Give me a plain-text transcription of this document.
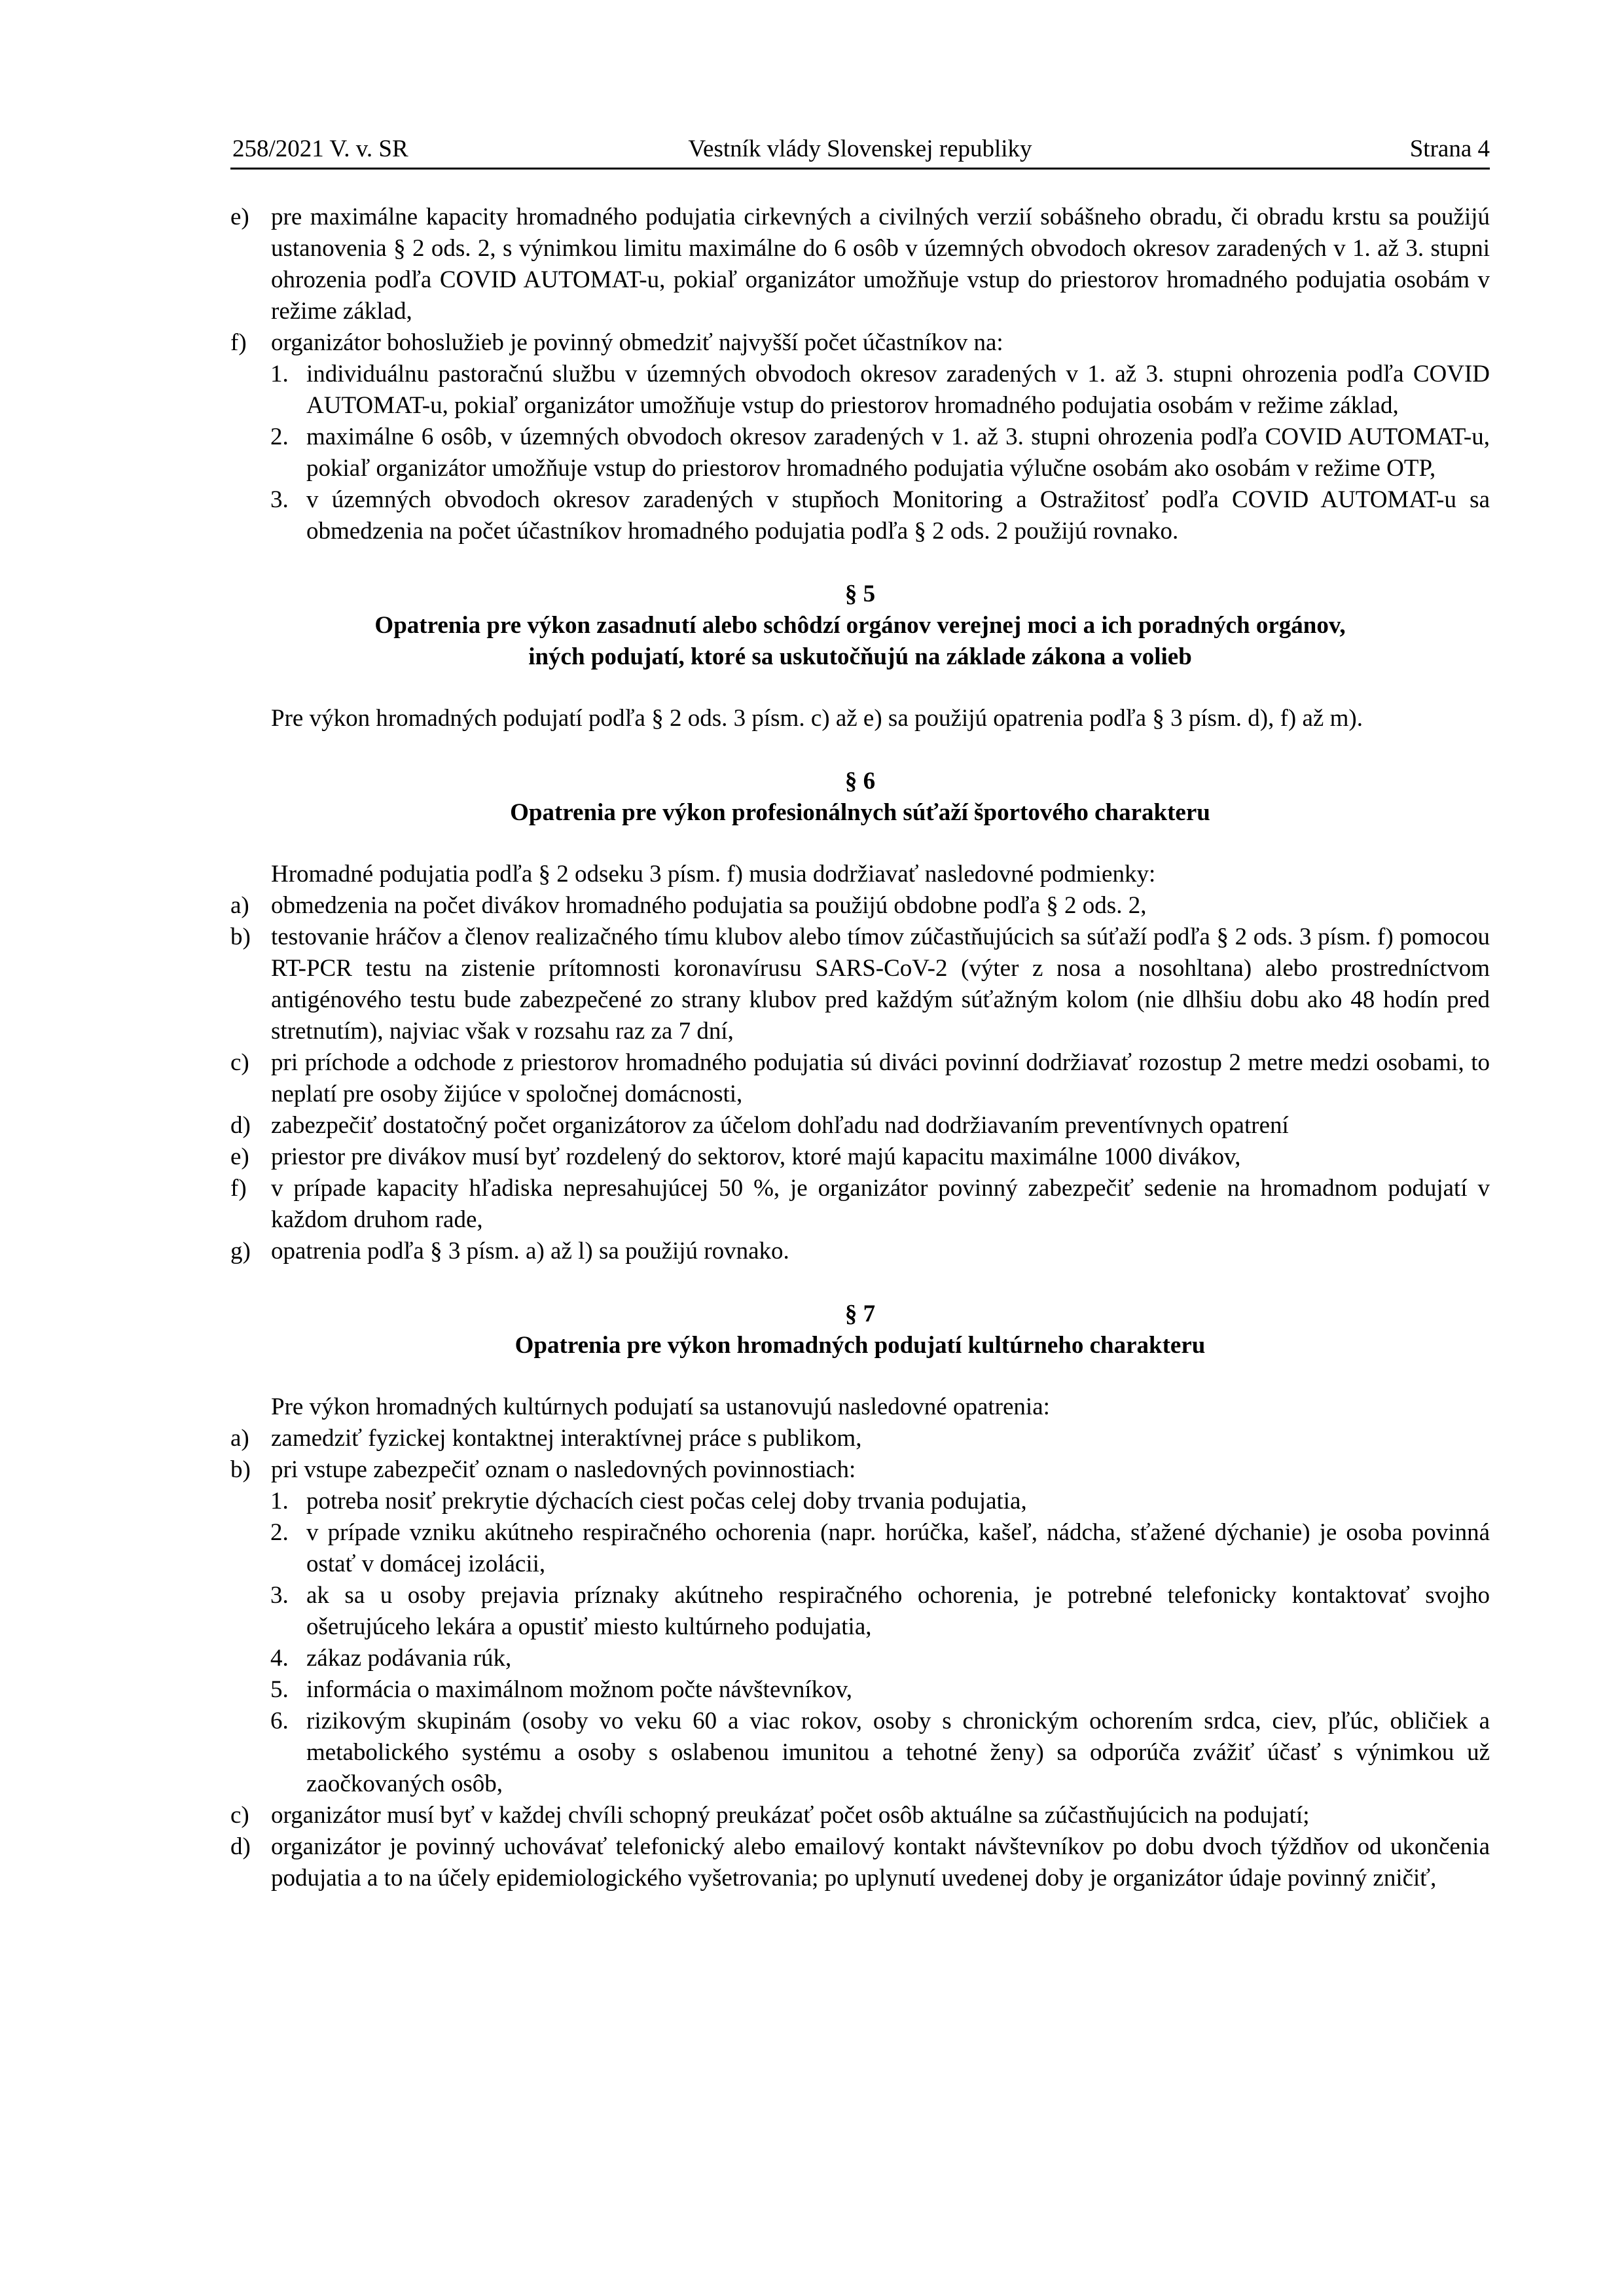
258/2021 V. v. SR	Vestník vlády Slovenskej republiky	Strana 4
e) pre maximálne kapacity hromadného podujatia cirkevných a civilných verzií sobášneho obradu, či obradu krstu sa použijú ustanovenia § 2 ods. 2, s výnimkou limitu maximálne do 6 osôb v územných obvodoch okresov zaradených v 1. až 3. stupni ohrozenia podľa COVID AUTOMAT-u, pokiaľ organizátor umožňuje vstup do priestorov hromadného podujatia osobám v režime základ,
f) organizátor bohoslužieb je povinný obmedziť najvyšší počet účastníkov na:
1. individuálnu pastoračnú službu v územných obvodoch okresov zaradených v 1. až 3. stupni ohrozenia podľa COVID AUTOMAT-u, pokiaľ organizátor umožňuje vstup do priestorov hromadného podujatia osobám v režime základ,
2. maximálne 6 osôb, v územných obvodoch okresov zaradených v 1. až 3. stupni ohrozenia podľa COVID AUTOMAT-u, pokiaľ organizátor umožňuje vstup do priestorov hromadného podujatia výlučne osobám ako osobám v režime OTP,
3. v územných obvodoch okresov zaradených v stupňoch Monitoring a Ostražitosť podľa COVID AUTOMAT-u sa obmedzenia na počet účastníkov hromadného podujatia podľa § 2 ods. 2 použijú rovnako.
§ 5
Opatrenia pre výkon zasadnutí alebo schôdzí orgánov verejnej moci a ich poradných orgánov,
iných podujatí, ktoré sa uskutočňujú na základe zákona a volieb
Pre výkon hromadných podujatí podľa § 2 ods. 3 písm. c) až e) sa použijú opatrenia podľa § 3 písm. d), f) až m).
§ 6
Opatrenia pre výkon profesionálnych súťaží športového charakteru
Hromadné podujatia podľa § 2 odseku 3 písm. f) musia dodržiavať nasledovné podmienky:
a) obmedzenia na počet divákov hromadného podujatia sa použijú obdobne podľa § 2 ods. 2,
b) testovanie hráčov a členov realizačného tímu klubov alebo tímov zúčastňujúcich sa súťaží podľa § 2 ods. 3 písm. f) pomocou RT-PCR testu na zistenie prítomnosti koronavírusu SARS-CoV-2 (výter z nosa a nosohltana) alebo prostredníctvom antigénového testu bude zabezpečené zo strany klubov pred každým súťažným kolom (nie dlhšiu dobu ako 48 hodín pred stretnutím), najviac však v rozsahu raz za 7 dní,
c) pri príchode a odchode z priestorov hromadného podujatia sú diváci povinní dodržiavať rozostup 2 metre medzi osobami, to neplatí pre osoby žijúce v spoločnej domácnosti,
d) zabezpečiť dostatočný počet organizátorov za účelom dohľadu nad dodržiavaním preventívnych opatrení
e) priestor pre divákov musí byť rozdelený do sektorov, ktoré majú kapacitu maximálne 1000 divákov,
f) v prípade kapacity hľadiska nepresahujúcej 50 %, je organizátor povinný zabezpečiť sedenie na hromadnom podujatí v každom druhom rade,
g) opatrenia podľa § 3 písm. a) až l) sa použijú rovnako.
§ 7
Opatrenia pre výkon hromadných podujatí kultúrneho charakteru
Pre výkon hromadných kultúrnych podujatí sa ustanovujú nasledovné opatrenia:
a) zamedziť fyzickej kontaktnej interaktívnej práce s publikom,
b) pri vstupe zabezpečiť oznam o nasledovných povinnostiach:
1. potreba nosiť prekrytie dýchacích ciest počas celej doby trvania podujatia,
2. v prípade vzniku akútneho respiračného ochorenia (napr. horúčka, kašeľ, nádcha, sťažené dýchanie) je osoba povinná ostať v domácej izolácii,
3. ak sa u osoby prejavia príznaky akútneho respiračného ochorenia, je potrebné telefonicky kontaktovať svojho ošetrujúceho lekára a opustiť miesto kultúrneho podujatia,
4. zákaz podávania rúk,
5. informácia o maximálnom možnom počte návštevníkov,
6. rizikovým skupinám (osoby vo veku 60 a viac rokov, osoby s chronickým ochorením srdca, ciev, pľúc, obličiek a metabolického systému a osoby s oslabenou imunitou a tehotné ženy) sa odporúča zvážiť účasť s výnimkou už zaočkovaných osôb,
c) organizátor musí byť v každej chvíli schopný preukázať počet osôb aktuálne sa zúčastňujúcich na podujatí;
d) organizátor je povinný uchovávať telefonický alebo emailový kontakt návštevníkov po dobu dvoch týždňov od ukončenia podujatia a to na účely epidemiologického vyšetrovania; po uplynutí uvedenej doby je organizátor údaje povinný zničiť,
